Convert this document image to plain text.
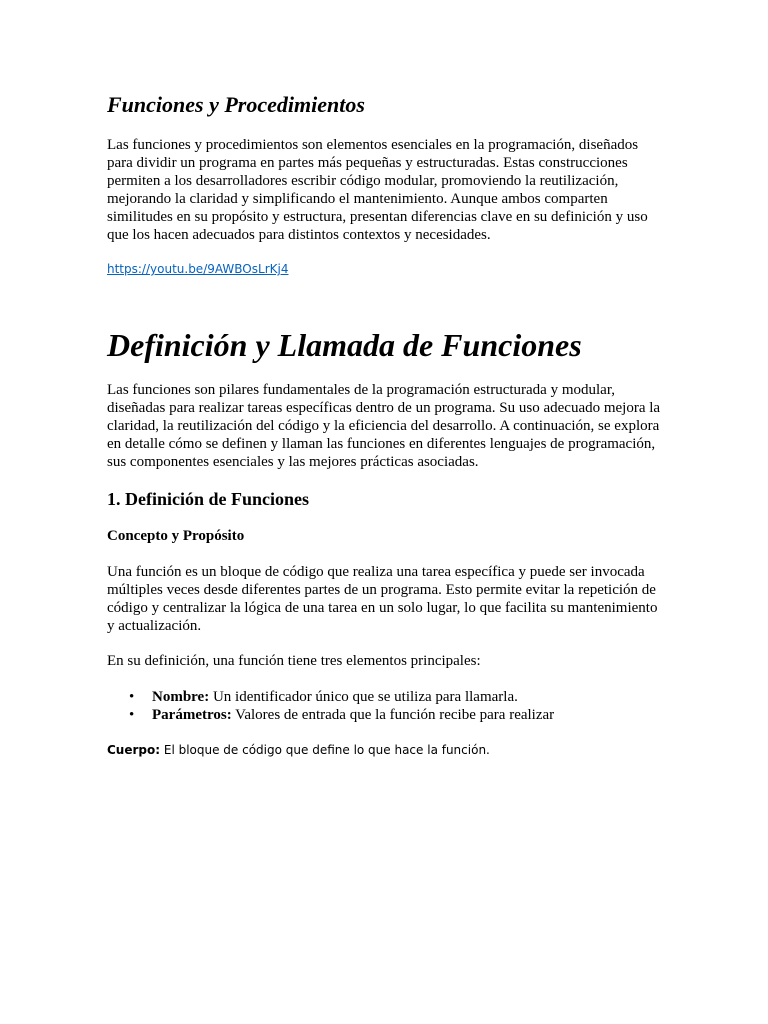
Funciones y Procedimientos

Las funciones y procedimientos son elementos esenciales en la programación, diseñados para dividir un programa en partes más pequeñas y estructuradas. Estas construcciones permiten a los desarrolladores escribir código modular, promoviendo la reutilización, mejorando la claridad y simplificando el mantenimiento. Aunque ambos comparten similitudes en su propósito y estructura, presentan diferencias clave en su definición y uso que los hacen adecuados para distintos contextos y necesidades.

https://youtu.be/9AWBOsLrKj4
Definición y Llamada de Funciones

Las funciones son pilares fundamentales de la programación estructurada y modular, diseñadas para realizar tareas específicas dentro de un programa. Su uso adecuado mejora la claridad, la reutilización del código y la eficiencia del desarrollo. A continuación, se explora en detalle cómo se definen y llaman las funciones en diferentes lenguajes de programación, sus componentes esenciales y las mejores prácticas asociadas.

1. Definición de Funciones
Concepto y Propósito

Una función es un bloque de código que realiza una tarea específica y puede ser invocada múltiples veces desde diferentes partes de un programa. Esto permite evitar la repetición de código y centralizar la lógica de una tarea en un solo lugar, lo que facilita su mantenimiento y actualización.

En su definición, una función tiene tres elementos principales:

• Nombre: Un identificador único que se utiliza para llamarla.
• Parámetros: Valores de entrada que la función recibe para realizar
Cuerpo: El bloque de código que define lo que hace la función.
